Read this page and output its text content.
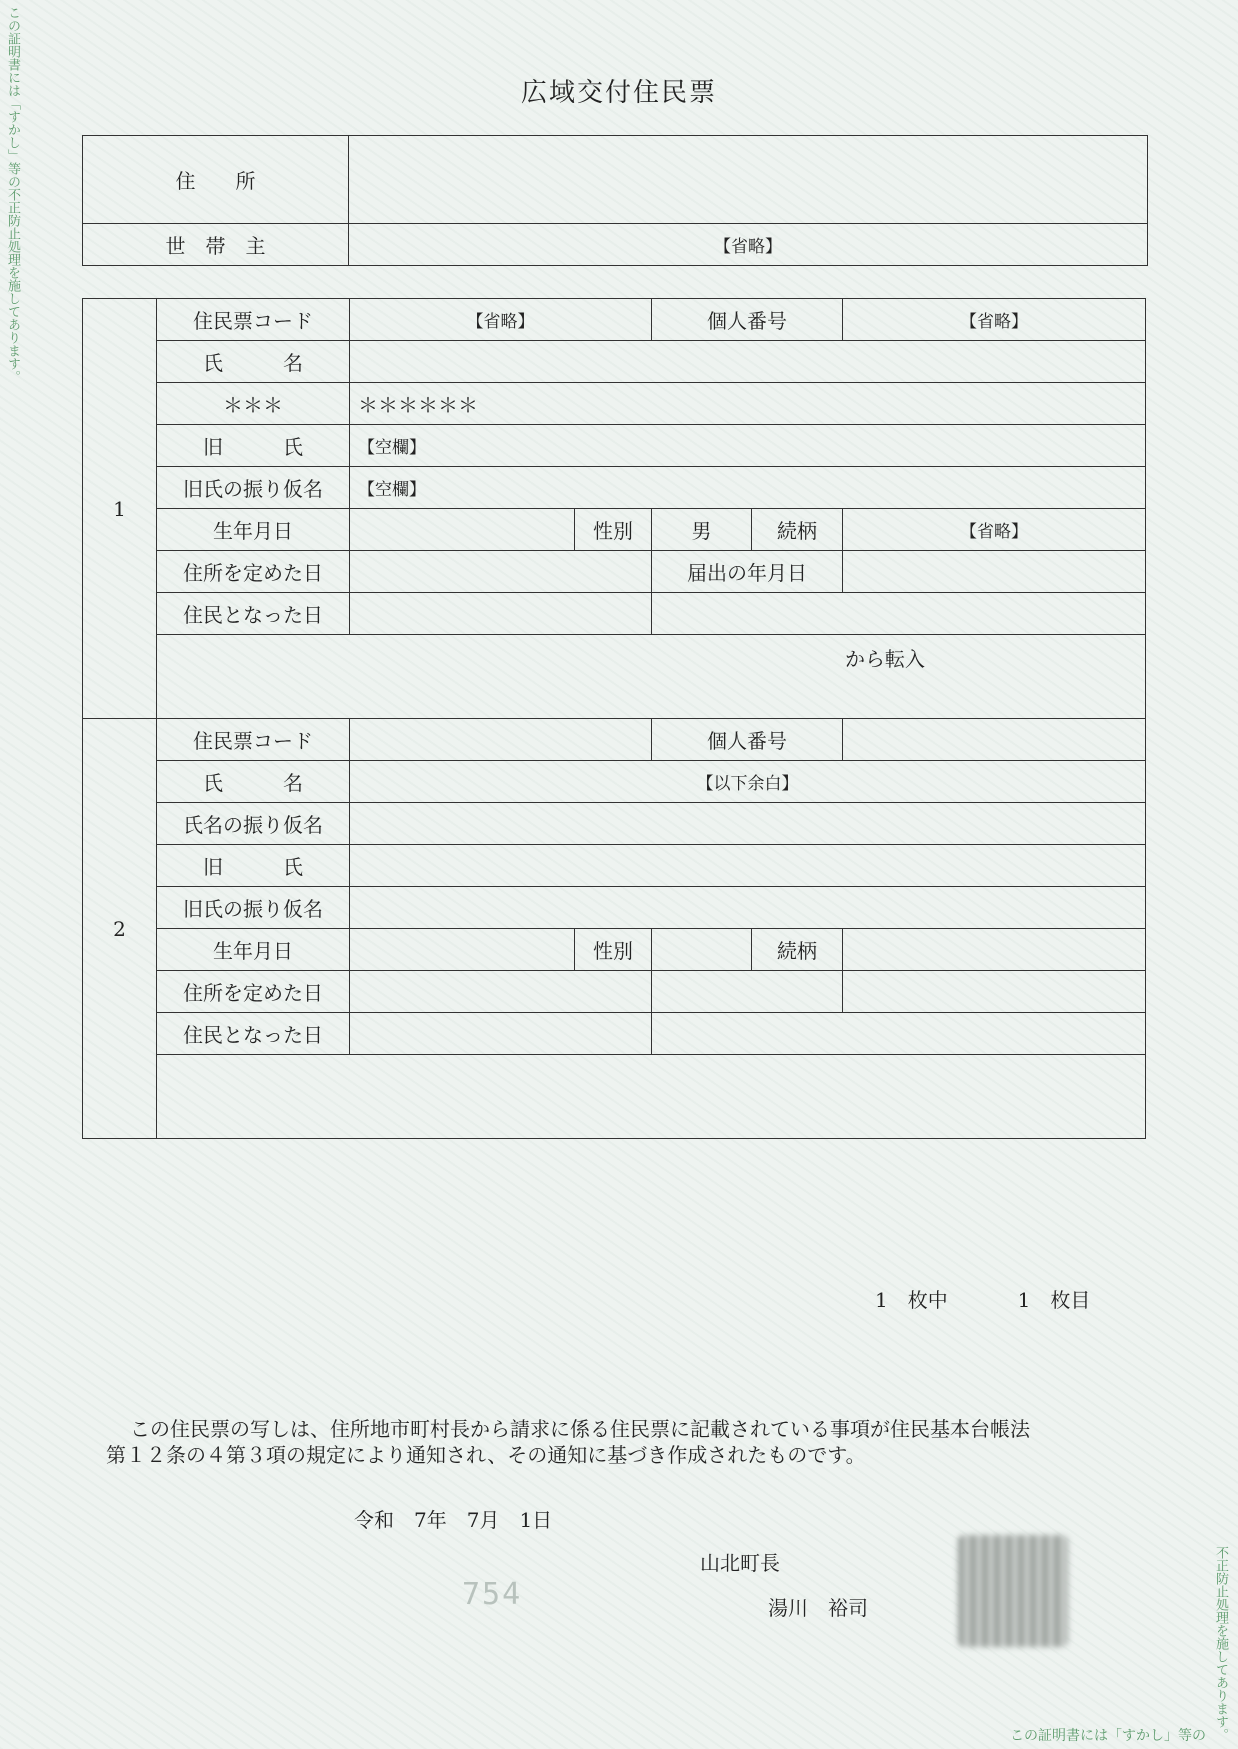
この証明書には「すかし」等の不正防止処理を施してあります。
不正防止処理を施してあります。
この証明書には「すかし」等の
広域交付住民票
住　　所	
世　帯　主	【省略】
1	住民票コード	【省略】		個人番号		【省略】
	氏　　　名					
	＊＊＊	＊＊＊＊＊＊				
	旧　　　氏	【空欄】				
	旧氏の振り仮名	【空欄】				
	生年月日		性別	男	続柄	【省略】
	住所を定めた日			届出の年月日		
	住民となった日					

	から転入					

2	住民票コード			個人番号		
	氏　　　名	【以下余白】				
	氏名の振り仮名					
	旧　　　氏					
	旧氏の振り仮名					
	生年月日		性別		続柄	
	住所を定めた日					
	住民となった日					

1　枚中	1　枚目
この住民票の写しは、住所地市町村長から請求に係る住民票に記載されている事項が住民基本台帳法
第１２条の４第３項の規定により通知され、その通知に基づき作成されたものです。
令和　7年　7月　1日
山北町長
湯川　裕司
754
